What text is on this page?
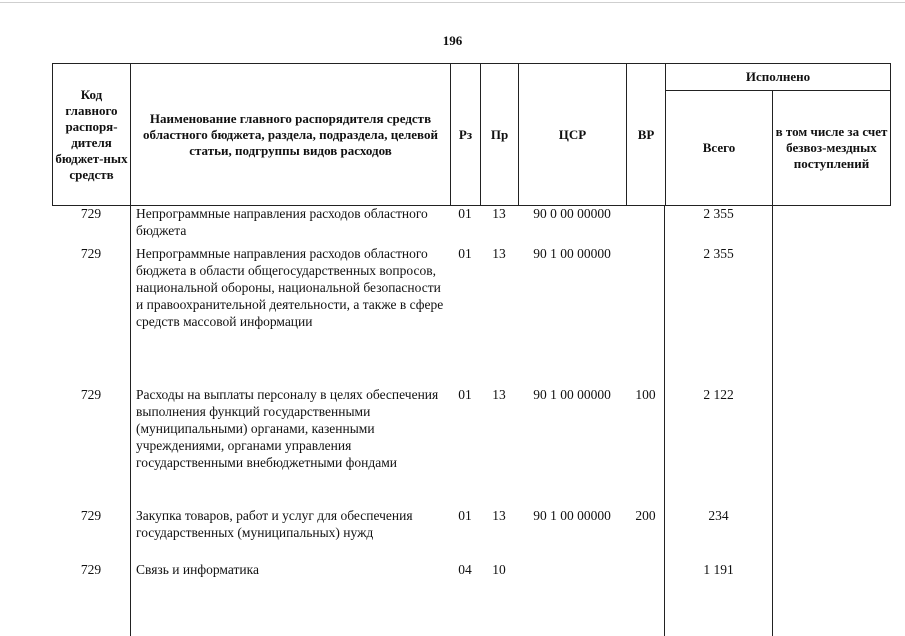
196
Код главного распоря-дителя бюджет-ных средств	Наименование главного распорядителя средств областного бюджета, раздела, подраздела, целевой статьи, подгруппы видов расходов	Рз	Пр	ЦСР	ВР	Исполнено	
						Всего	в том числе за счет безвоз-мездных поступлений
729	Непрограммные направления расходов областного бюджета	01	13	90 0 00 00000		2 355	
729	Непрограммные направления расходов областного бюджета в области общегосударственных вопросов, национальной обороны, национальной безопасности и правоохранительной деятельности, а также в сфере средств массовой информации	01	13	90 1 00 00000		2 355	
729	Расходы на выплаты персоналу в целях обеспечения выполнения функций государственными (муниципальными) органами, казенными учреждениями, органами управления государственными внебюджетными фондами	01	13	90 1 00 00000	100	2 122	
729	Закупка товаров, работ и услуг для обеспечения государственных (муниципальных) нужд	01	13	90 1 00 00000	200	234	
729	Связь и информатика	04	10			1 191	
